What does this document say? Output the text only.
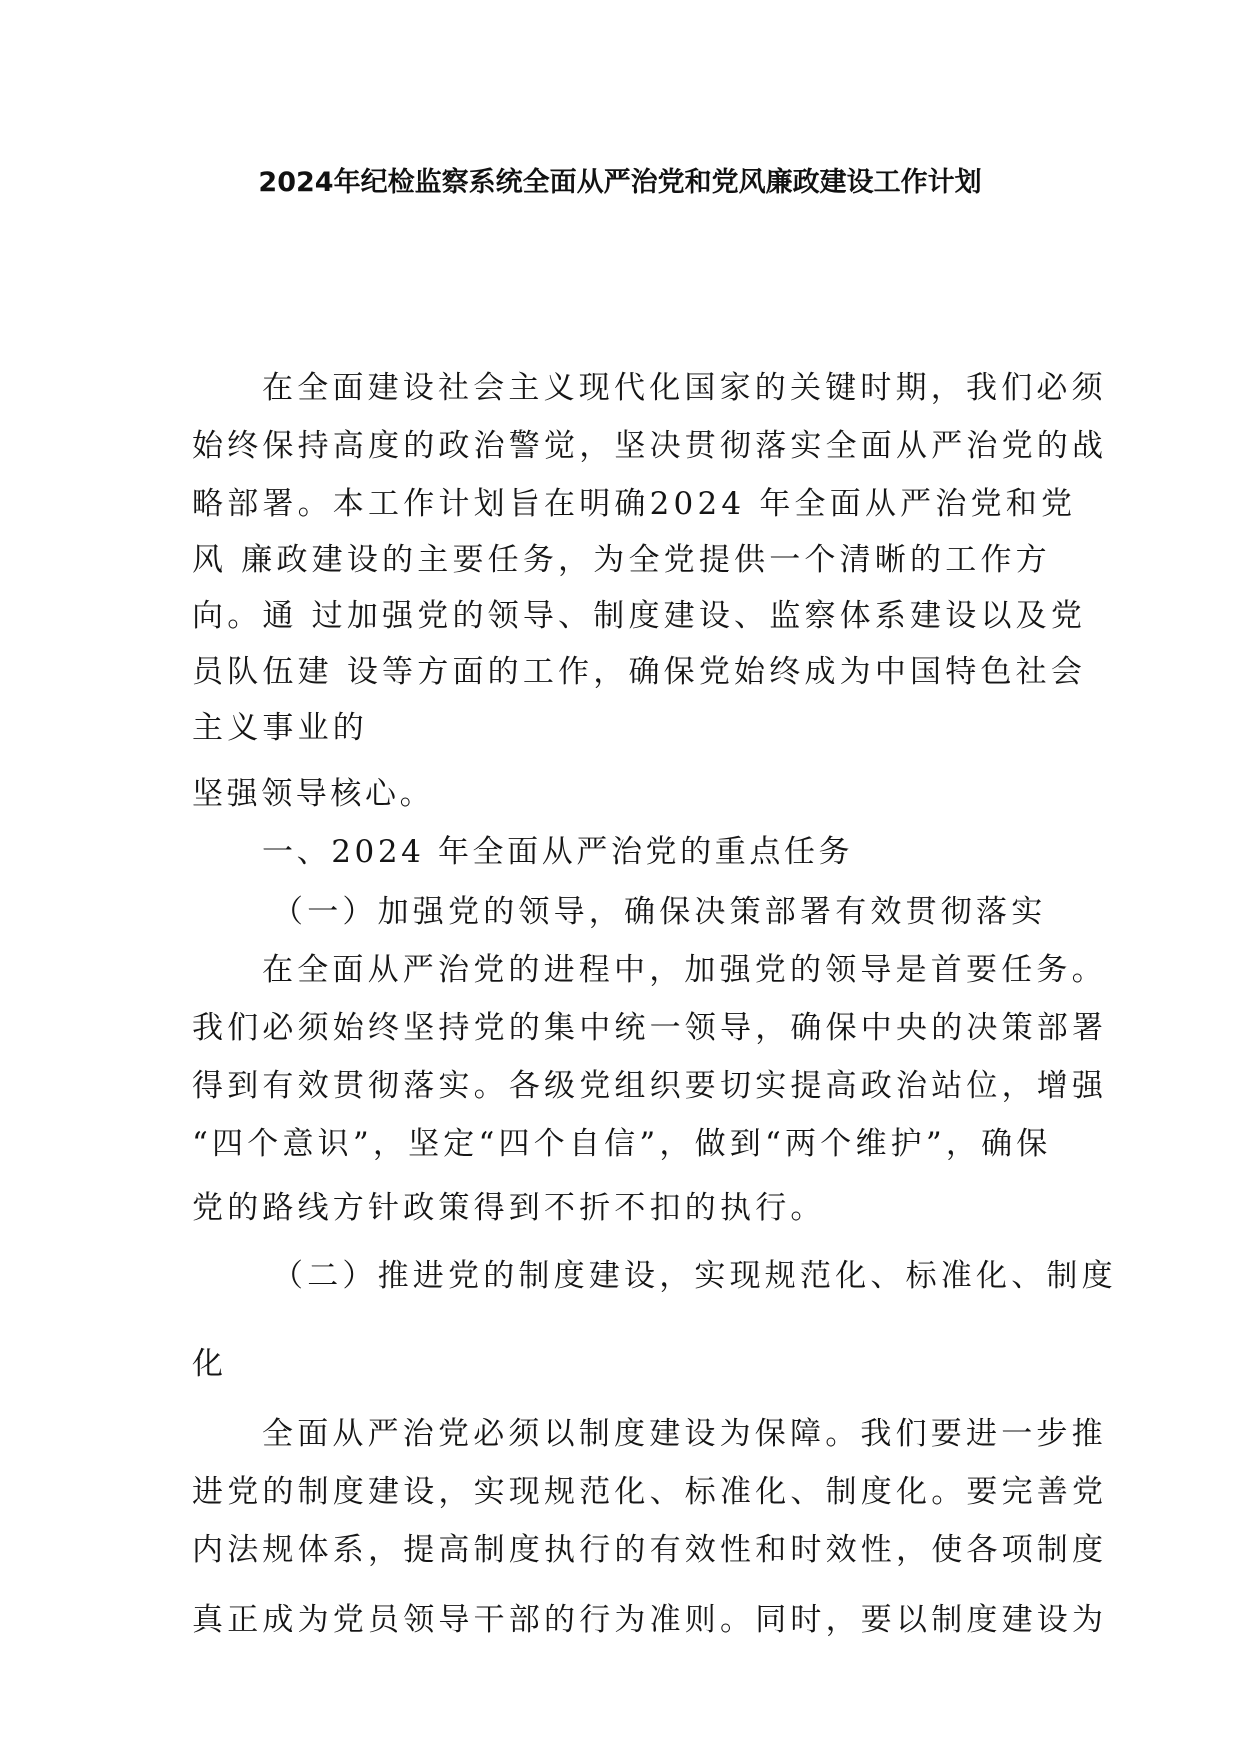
2024年纪检监察系统全面从严治党和党风廉政建设工作计划
在全面建设社会主义现代化国家的关键时期，我们必须
始终保持高度的政治警觉，坚决贯彻落实全面从严治党的战
略部署。本工作计划旨在明确2024 年全面从严治党和党
风 廉政建设的主要任务，为全党提供一个清晰的工作方
向。通 过加强党的领导、制度建设、监察体系建设以及党
员队伍建 设等方面的工作，确保党始终成为中国特色社会
主义事业的
坚强领导核心。
一、2024 年全面从严治党的重点任务
（一）加强党的领导，确保决策部署有效贯彻落实
在全面从严治党的进程中，加强党的领导是首要任务。
我们必须始终坚持党的集中统一领导，确保中央的决策部署
得到有效贯彻落实。各级党组织要切实提高政治站位，增强
“四个意识”，坚定“四个自信”，做到“两个维护”，确保
党的路线方针政策得到不折不扣的执行。
（二）推进党的制度建设，实现规范化、标准化、制度
化
全面从严治党必须以制度建设为保障。我们要进一步推
进党的制度建设，实现规范化、标准化、制度化。要完善党
内法规体系，提高制度执行的有效性和时效性，使各项制度
真正成为党员领导干部的行为准则。同时，要以制度建设为
